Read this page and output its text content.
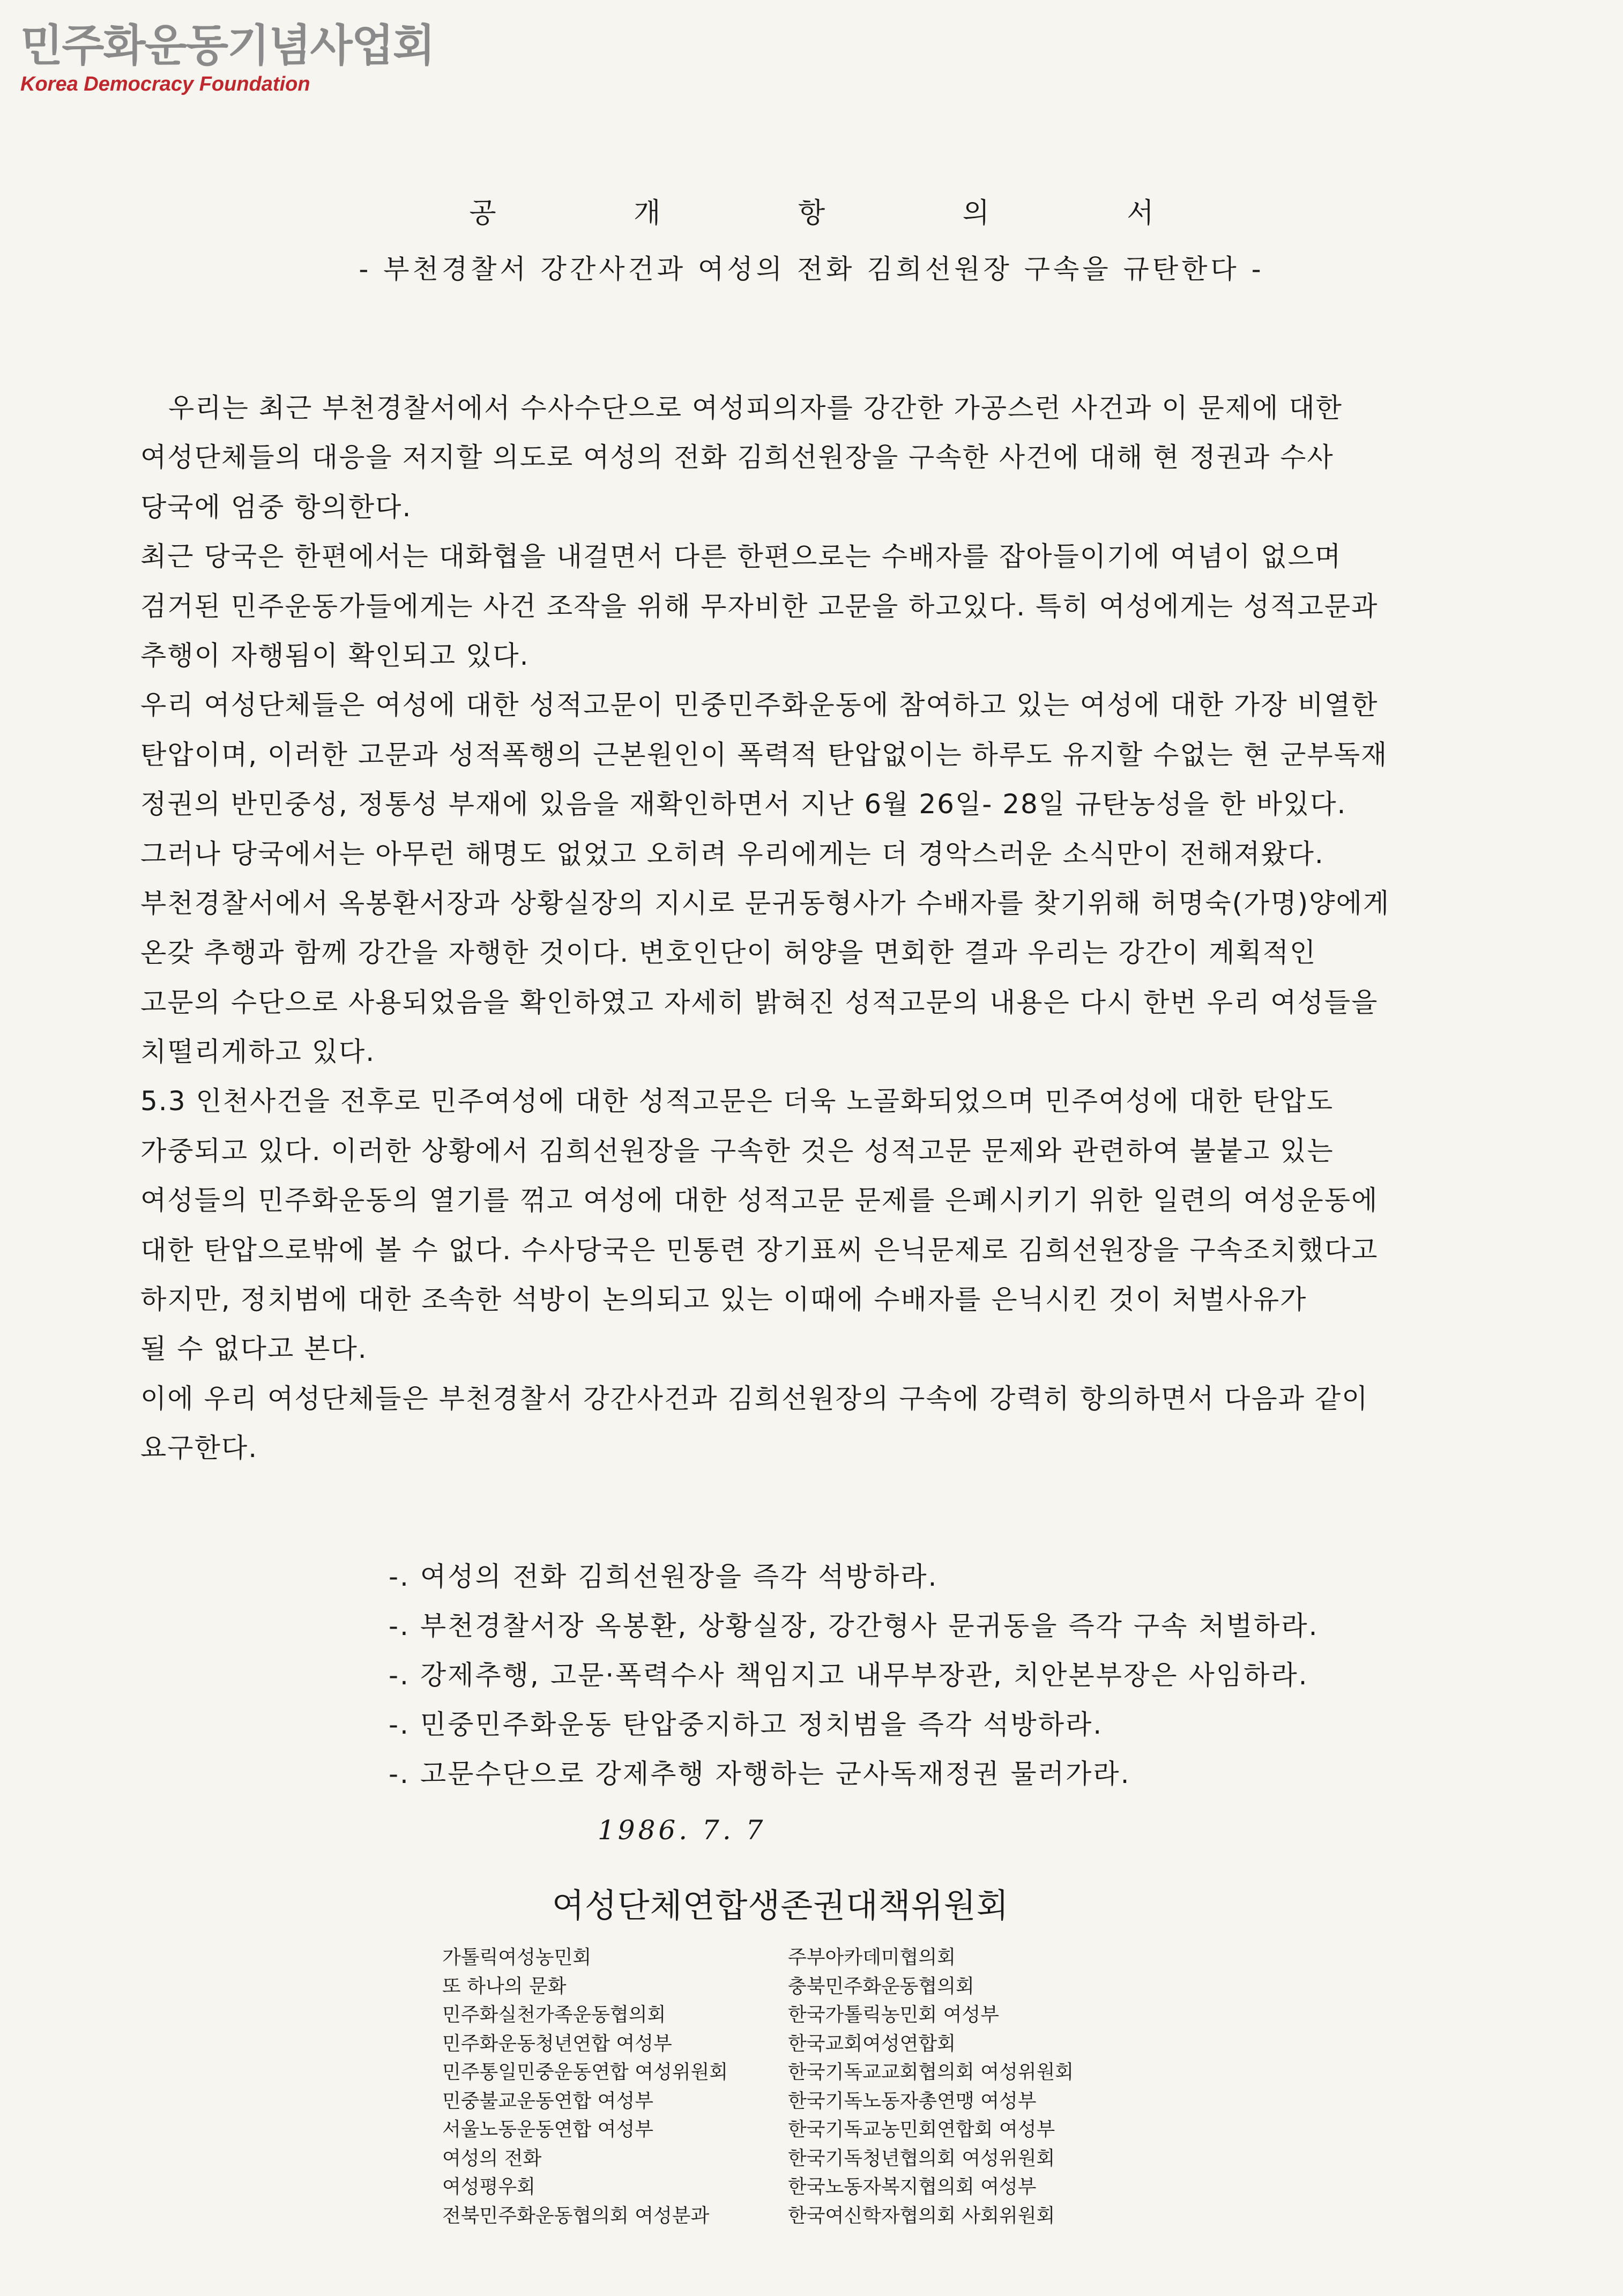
민주화운동기념사업회
Korea Democracy Foundation
공 개 항 의 서
- 부천경찰서 강간사건과 여성의 전화 김희선원장 구속을 규탄한다 -
　우리는 최근 부천경찰서에서 수사수단으로 여성피의자를 강간한 가공스런 사건과 이 문제에 대한
여성단체들의 대응을 저지할 의도로 여성의 전화 김희선원장을 구속한 사건에 대해 현 정권과 수사
당국에 엄중 항의한다.
최근 당국은 한편에서는 대화협을 내걸면서 다른 한편으로는 수배자를 잡아들이기에 여념이 없으며
검거된 민주운동가들에게는 사건 조작을 위해 무자비한 고문을 하고있다. 특히 여성에게는 성적고문과
추행이 자행됨이 확인되고 있다.
우리 여성단체들은 여성에 대한 성적고문이 민중민주화운동에 참여하고 있는 여성에 대한 가장 비열한
탄압이며, 이러한 고문과 성적폭행의 근본원인이 폭력적 탄압없이는 하루도 유지할 수없는 현 군부독재
정권의 반민중성, 정통성 부재에 있음을 재확인하면서 지난 6월 26일- 28일 규탄농성을 한 바있다.
그러나 당국에서는 아무런 해명도 없었고 오히려 우리에게는 더 경악스러운 소식만이 전해져왔다.
부천경찰서에서 옥봉환서장과 상황실장의 지시로 문귀동형사가 수배자를 찾기위해 허명숙(가명)양에게
온갖 추행과 함께 강간을 자행한 것이다. 변호인단이 허양을 면회한 결과 우리는 강간이 계획적인
고문의 수단으로 사용되었음을 확인하였고 자세히 밝혀진 성적고문의 내용은 다시 한번 우리 여성들을
치떨리게하고 있다.
5.3 인천사건을 전후로 민주여성에 대한 성적고문은 더욱 노골화되었으며 민주여성에 대한 탄압도
가중되고 있다. 이러한 상황에서 김희선원장을 구속한 것은 성적고문 문제와 관련하여 불붙고 있는
여성들의 민주화운동의 열기를 꺾고 여성에 대한 성적고문 문제를 은폐시키기 위한 일련의 여성운동에
대한 탄압으로밖에 볼 수 없다. 수사당국은 민통련 장기표씨 은닉문제로 김희선원장을 구속조치했다고
하지만, 정치범에 대한 조속한 석방이 논의되고 있는 이때에 수배자를 은닉시킨 것이 처벌사유가
될 수 없다고 본다.
이에 우리 여성단체들은 부천경찰서 강간사건과 김희선원장의 구속에 강력히 항의하면서 다음과 같이
요구한다.
-. 여성의 전화 김희선원장을 즉각 석방하라.
-. 부천경찰서장 옥봉환, 상황실장, 강간형사 문귀동을 즉각 구속 처벌하라.
-. 강제추행, 고문·폭력수사 책임지고 내무부장관, 치안본부장은 사임하라.
-. 민중민주화운동 탄압중지하고 정치범을 즉각 석방하라.
-. 고문수단으로 강제추행 자행하는 군사독재정권 물러가라.
1986. 7. 7
여성단체연합생존권대책위원회
가톨릭여성농민회
또 하나의 문화
민주화실천가족운동협의회
민주화운동청년연합 여성부
민주통일민중운동연합 여성위원회
민중불교운동연합 여성부
서울노동운동연합 여성부
여성의 전화
여성평우회
전북민주화운동협의회 여성분과
주부아카데미협의회
충북민주화운동협의회
한국가톨릭농민회 여성부
한국교회여성연합회
한국기독교교회협의회 여성위원회
한국기독노동자총연맹 여성부
한국기독교농민회연합회 여성부
한국기독청년협의회 여성위원회
한국노동자복지협의회 여성부
한국여신학자협의회 사회위원회
